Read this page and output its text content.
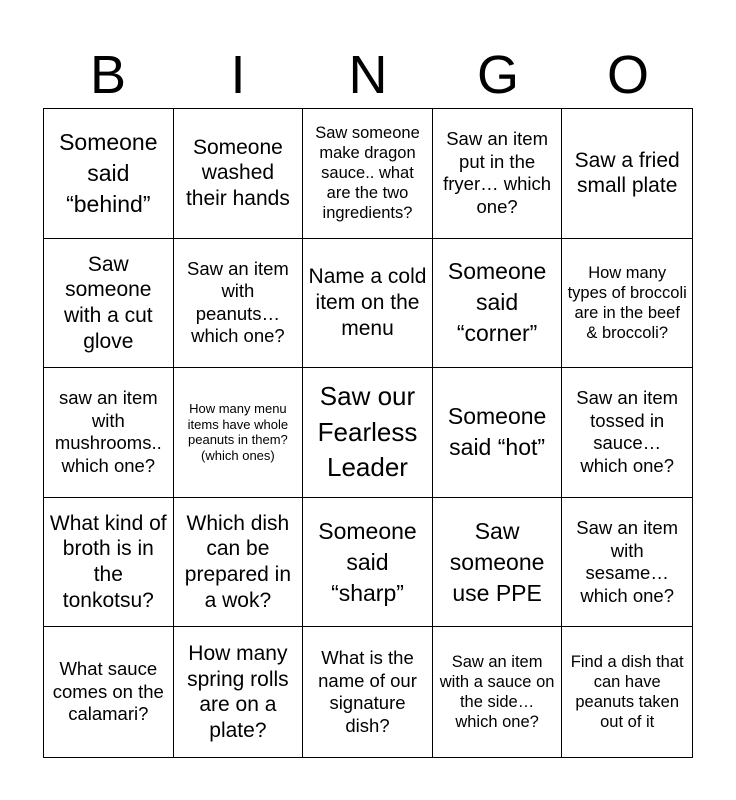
B	I	N	G	O
Someone said “behind”
Someone washed their hands
Saw someone make dragon sauce.. what are the two ingredients?
Saw an item put in the fryer… which one?
Saw a fried small plate
Saw someone with a cut glove
Saw an item with peanuts… which one?
Name a cold item on the menu
Someone said “corner”
How many types of broccoli are in the beef & broccoli?
saw an item with mushrooms.. which one?
How many menu items have whole peanuts in them? (which ones)
Saw our Fearless Leader
Someone said “hot”
Saw an item tossed in sauce… which one?
What kind of broth is in the tonkotsu?
Which dish can be prepared in a wok?
Someone said “sharp”
Saw someone use PPE
Saw an item with sesame… which one?
What sauce comes on the calamari?
How many spring rolls are on a plate?
What is the name of our signature dish?
Saw an item with a sauce on the side… which one?
Find a dish that can have peanuts taken out of it
